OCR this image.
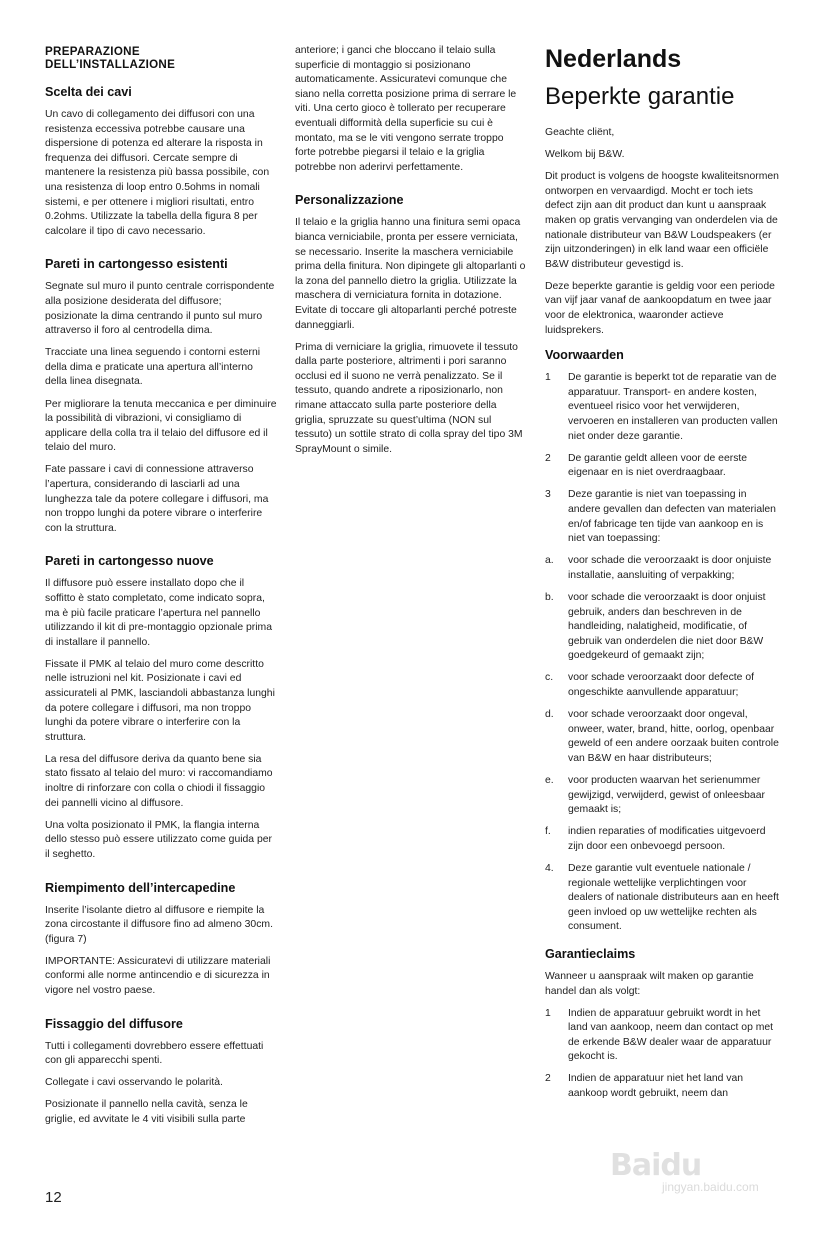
PREPARAZIONE
DELL’INSTALLAZIONE
Scelta dei cavi

Un cavo di collegamento dei diffusori con una resistenza eccessiva potrebbe causare una dispersione di potenza ed alterare la risposta in frequenza dei diffusori. Cercate sempre di mantenere la resistenza più bassa possibile, con una resistenza di loop entro 0.5ohms in nomali sistemi, e per ottenere i migliori risultati, entro 0.2ohms. Utilizzate la tabella della figura 8 per calcolare il tipo di cavo necessario.

Pareti in cartongesso esistenti

Segnate sul muro il punto centrale corrispondente alla posizione desiderata del diffusore; posizionate la dima centrando il punto sul muro attraverso il foro al centrodella dima.

Tracciate una linea seguendo i contorni esterni della dima e praticate una apertura all’interno della linea disegnata.

Per migliorare la tenuta meccanica e per diminuire la possibilità di vibrazioni, vi consigliamo di applicare della colla tra il telaio del diffusore ed il telaio del muro.

Fate passare i cavi di connessione attraverso l’apertura, considerando di lasciarli ad una lunghezza tale da potere collegare i diffusori, ma non troppo lunghi da potere vibrare o interferire con la struttura.

Pareti in cartongesso nuove

Il diffusore può essere installato dopo che il soffitto è stato completato, come indicato sopra, ma è più facile praticare l’apertura nel pannello utilizzando il kit di pre-montaggio opzionale prima di installare il pannello.

Fissate il PMK al telaio del muro come descritto nelle istruzioni nel kit. Posizionate i cavi ed assicurateli al PMK, lasciandoli abbastanza lunghi da potere collegare i diffusori, ma non troppo lunghi da potere vibrare o interferire con la struttura.

La resa del diffusore deriva da quanto bene sia stato fissato al telaio del muro: vi raccomandiamo inoltre di rinforzare con colla o chiodi il fissaggio dei pannelli vicino al diffusore.

Una volta posizionato il PMK, la flangia interna dello stesso può essere utilizzato come guida per il seghetto.

Riempimento dell’intercapedine

Inserite l’isolante dietro al diffusore e riempite la zona circostante il diffusore fino ad almeno 30cm. (figura 7)

IMPORTANTE: Assicuratevi di utilizzare materiali conformi alle norme antincendio e di sicurezza in vigore nel vostro paese.

Fissaggio del diffusore

Tutti i collegamenti dovrebbero essere effettuati con gli apparecchi spenti.

Collegate i cavi osservando le polarità.

Posizionate il pannello nella cavità, senza le griglie, ed avvitate le 4 viti visibili sulla parte

anteriore; i ganci che bloccano il telaio sulla superficie di montaggio si posizionano automaticamente. Assicuratevi comunque che siano nella corretta posizione prima di serrare le viti. Una certo gioco è tollerato per recuperare eventuali difformità della superficie su cui è montato, ma se le viti vengono serrate troppo forte potrebbe piegarsi il telaio e la griglia potrebbe non aderirvi perfettamente.

Personalizzazione

Il telaio e la griglia hanno una finitura semi opaca bianca verniciabile, pronta per essere verniciata, se necessario. Inserite la maschera verniciabile prima della finitura. Non dipingete gli altoparlanti o la zona del pannello dietro la griglia. Utilizzate la maschera di verniciatura fornita in dotazione. Evitate di toccare gli altoparlanti perché potreste danneggiarli.

Prima di verniciare la griglia, rimuovete il tessuto dalla parte posteriore, altrimenti i pori saranno occlusi ed il suono ne verrà penalizzato. Se il tessuto, quando andrete a riposizionarlo, non rimane attaccato sulla parte posteriore della griglia, spruzzate su quest’ultima (NON sul tessuto) un sottile strato di colla spray del tipo 3M SprayMount o simile.

Nederlands
Beperkte garantie

Geachte cliënt,

Welkom bij B&W.

Dit product is volgens de hoogste kwaliteitsnormen ontworpen en vervaardigd. Mocht er toch iets defect zijn aan dit product dan kunt u aanspraak maken op gratis vervanging van onderdelen via de nationale distributeur van B&W Loudspeakers (er zijn uitzonderingen) in elk land waar een officiële B&W distributeur gevestigd is.

Deze beperkte garantie is geldig voor een periode van vijf jaar vanaf de aankoopdatum en twee jaar voor de elektronica, waaronder actieve luidsprekers.

Voorwaarden
1	De garantie is beperkt tot de reparatie van de apparatuur. Transport- en andere kosten, eventueel risico voor het verwijderen, vervoeren en installeren van producten vallen niet onder deze garantie.
2	De garantie geldt alleen voor de eerste eigenaar en is niet overdraagbaar.
3	Deze garantie is niet van toepassing in andere gevallen dan defecten van materialen en/of fabricage ten tijde van aankoop en is niet van toepassing:
a.	voor schade die veroorzaakt is door onjuiste installatie, aansluiting of verpakking;
b.	voor schade die veroorzaakt is door onjuist gebruik, anders dan beschreven in de handleiding, nalatigheid, modificatie, of gebruik van onderdelen die niet door B&W goedgekeurd of gemaakt zijn;
c.	voor schade veroorzaakt door defecte of ongeschikte aanvullende apparatuur;
d.	voor schade veroorzaakt door ongeval, onweer, water, brand, hitte, oorlog, openbaar geweld of een andere oorzaak buiten controle van B&W en haar distributeurs;
e.	voor producten waarvan het serienummer gewijzigd, verwijderd, gewist of onleesbaar gemaakt is;
f.	indien reparaties of modificaties uitgevoerd zijn door een onbevoegd persoon.
4.	Deze garantie vult eventuele nationale / regionale wettelijke verplichtingen voor dealers of nationale distributeurs aan en heeft geen invloed op uw wettelijke rechten als consument.
Garantieclaims

Wanneer u aanspraak wilt maken op garantie handel dan als volgt:

1	Indien de apparatuur gebruikt wordt in het land van aankoop, neem dan contact op met de erkende B&W dealer waar de apparatuur gekocht is.
2	Indien de apparatuur niet het land van aankoop wordt gebruikt, neem dan
12
Baidu
jingyan.baidu.com
